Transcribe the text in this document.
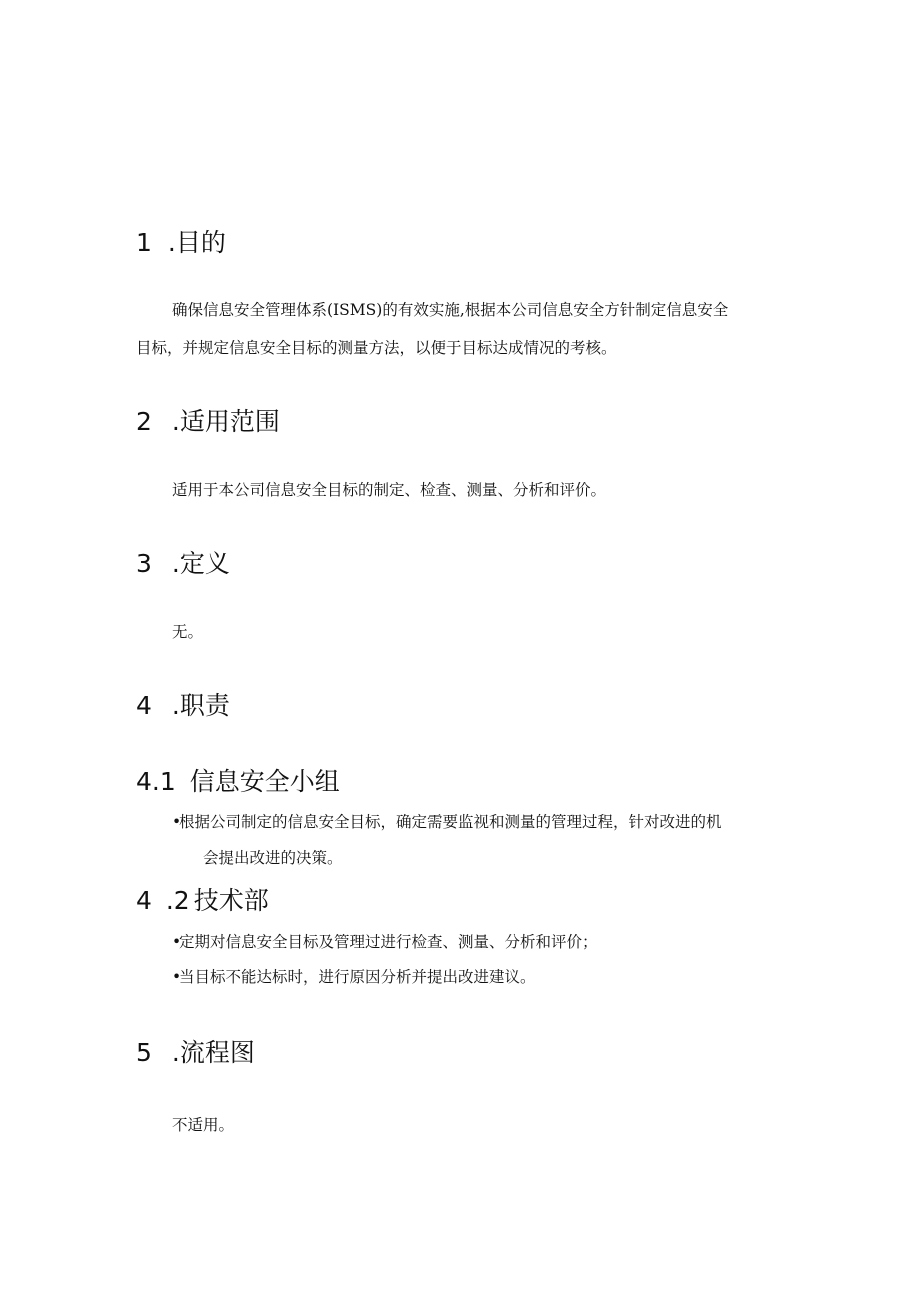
1 .目的
确保信息安全管理体系(ISMS)的有效实施,根据本公司信息安全方针制定信息安全
目标，并规定信息安全目标的测量方法，以便于目标达成情况的考核。
2 .适用范围
适用于本公司信息安全目标的制定、检查、测量、分析和评价。
3 .定义
无。
4 .职责
4.1 信息安全小组
•根据公司制定的信息安全目标，确定需要监视和测量的管理过程，针对改进的机
会提出改进的决策。
4 .2 技术部
•定期对信息安全目标及管理过进行检查、测量、分析和评价；
•当目标不能达标时，进行原因分析并提出改进建议。
5 .流程图
不适用。
